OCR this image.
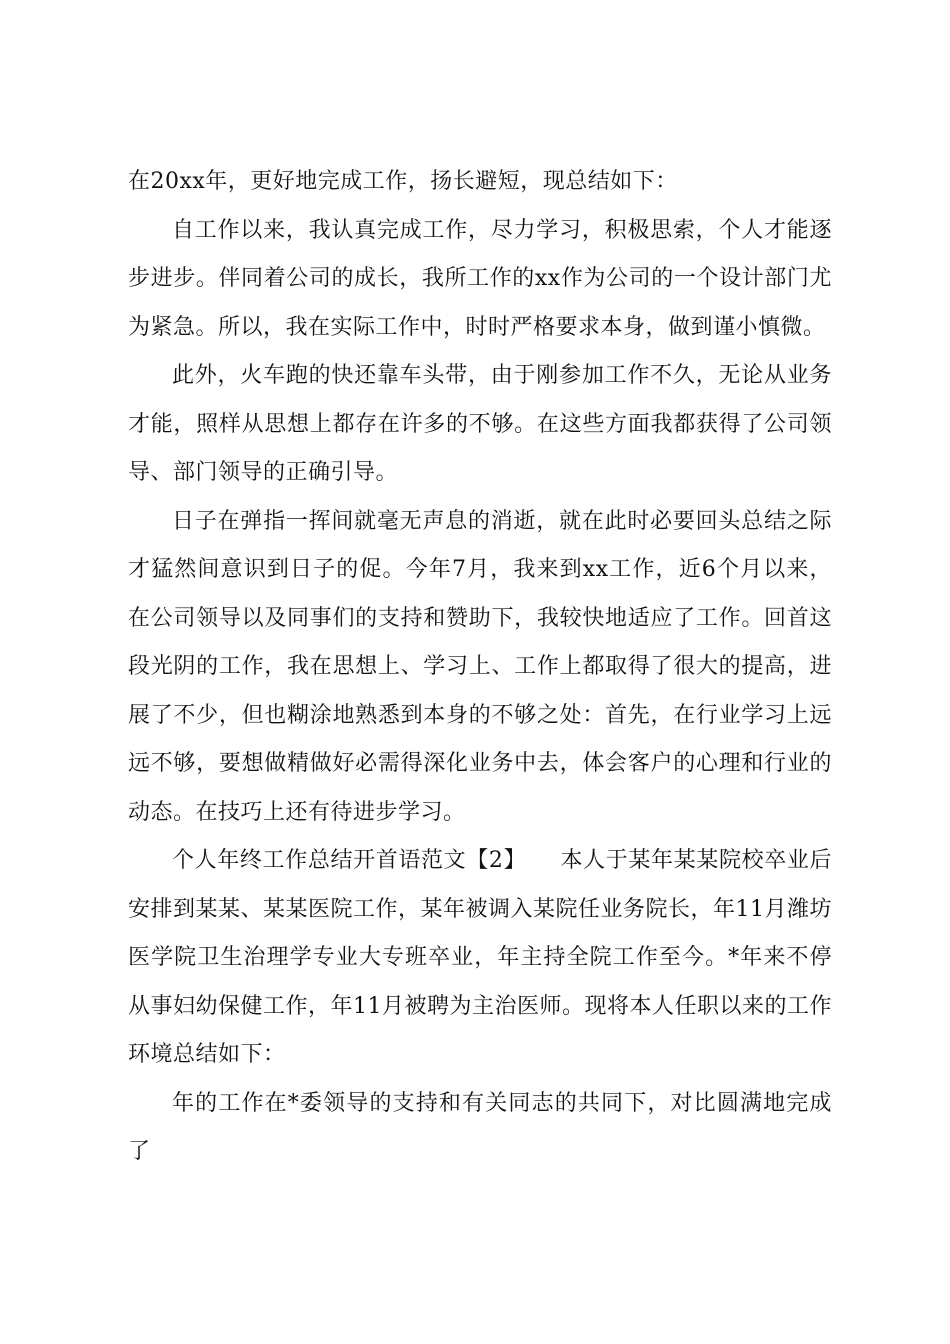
在20xx年，更好地完成工作，扬长避短，现总结如下：

自工作以来，我认真完成工作，尽力学习，积极思索，个人才能逐步进步。伴同着公司的成长，我所工作的xx作为公司的一个设计部门尤为紧急。所以，我在实际工作中，时时严格要求本身，做到谨小慎微。

此外，火车跑的快还靠车头带，由于刚参加工作不久，无论从业务才能，照样从思想上都存在许多的不够。在这些方面我都获得了公司领导、部门领导的正确引导。

日子在弹指一挥间就毫无声息的消逝，就在此时必要回头总结之际才猛然间意识到日子的促。今年7月，我来到xx工作，近6个月以来，在公司领导以及同事们的支持和赞助下，我较快地适应了工作。回首这段光阴的工作，我在思想上、学习上、工作上都取得了很大的提高，进展了不少，但也糊涂地熟悉到本身的不够之处：首先，在行业学习上远远不够，要想做精做好必需得深化业务中去，体会客户的心理和行业的动态。在技巧上还有待进步学习。

个人年终工作总结开首语范文【2】　　本人于某年某某院校卒业后安排到某某、某某医院工作，某年被调入某院任业务院长，年11月潍坊医学院卫生治理学专业大专班卒业，年主持全院工作至今。*年来不停从事妇幼保健工作，年11月被聘为主治医师。现将本人任职以来的工作环境总结如下：

年的工作在*委领导的支持和有关同志的共同下，对比圆满地完成了
